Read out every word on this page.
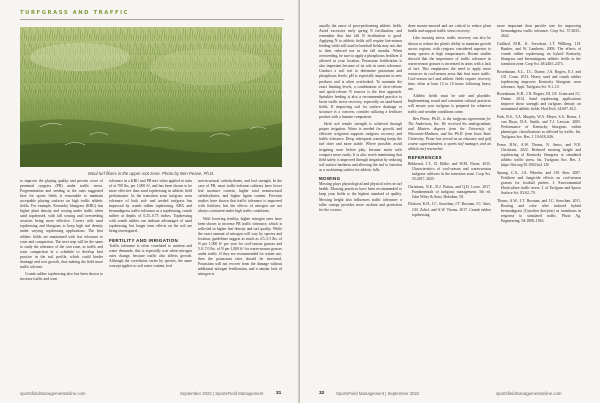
TURFGRASS AND TRAFFIC
Wool turf fibers in the upper root zone. Photo by Ben Pease, Ph.D.

to improve the playing quality and percent cover of perennial ryegrass (PR) under traffic stress. Pregermination and seeding at the rates suggested here for sports fields is reasonable to maintain acceptable playing surfaces on high traffic athletic fields. For example, Kentucky bluegrass (KBG) has higher plant density and rooting under traffic when sand topdressed, with fall sowing and overseeding sessions being more effective. Covers with sand topdressing and bluegrass to keep high turf density under varying topdressing applications. The best athletic fields are maintained with low tolerance to wear and compaction. The next step will be the same to study the tolerance of the root zone, as traffic and wear compaction in a schedule to develop best practice in the soil profile, which could hinder drainage and root growth, thus making the field more traffic tolerant.

Crumb rubber topdressing also has been shown to increase traffic and wear

tolerance in a KBG and PR mix when applied at rates of at 700 lbs. per 1,000 ft², and has been shown to be more effective than sand topdressing in athletic field performance. In the transition zone turfgrass wear tolerance of both sod- and seeded turfgrass has improved by crumb rubber topdressing. KBG and bermudagrass traffic tolerance as a topdressing, crumb rubber at depths of 0.25–0.75 inches. Topdressing with crumb rubber can indicate advantages of sand topdressing, but longer term effects on the soil are being investigated.

FERTILITY AND IRRIGATION

Traffic tolerance is often correlated to nutrient and water demands; this is especially true when nitrogen rates change, because traffic also affects growth. Although the correlation varies by species, the same concept applies to soil water content, leaf

non-structural carbohydrates, and leaf strength. In the case of PR, most traffic-tolerant cultivars have lower leaf moisture content, higher total nonstructural carbohydrates, and higher lignin content. Previous studies have shown that traffic tolerance is improved with fertilizer, but the effects of nitrogen are not always consistent under high traffic conditions.

With lowering fertility, higher nitrogen rates have been shown to increase PR traffic tolerance, which is reflected in higher leaf density and turf quality. While the exact amount of nitrogen will vary by species and location, guidelines suggest as much as 4.5–5.5 lbs. of N per 1,000 ft² per year for cool-season grasses and 5.0–7.0 lbs. of N per 1,000 ft² for warm-season grasses under traffic. If they are recommended for winter use, then the potassium rates should be increased. Potassium will not recover from the damage without additional nitrogen fertilization, and a similar lack of nitrogen is

sportsfieldmanagementonline.com	September 2022 | SportsField Management	31

usually the cause of poor-performing athletic fields. Avoid excessive early spring N fertilization, and remember that late fall N fertilization is good. Applying N to athletic fields will require late-season feeding while still used in baseball fields may not, due to their reduced use in the fall months. When overseeding, be sure to apply a phosphorus fertilizer if allowed in your location. Potassium fertilization is also important because of its role in stress tolerance. Conduct a soil test to determine potassium and phosphorus levels; pH is especially important in new products and is often overlooked. To maintain the exact limiting levels, a combination of slow-release and quick-release N sources is the best approach. Sprinkler feeding is also a recommended practice to boost traffic stress recovery, especially on sand-based fields. If improving soil for surface drainage or structure is a concern, consider utilizing a fertilizer product with a humate component.

Ideal soil tensile strength is achieved through proper irrigation. Water is needed for growth, and effective irrigation supports turfgrass recovery and traffic tolerance. Deep, infrequent watering keeps the turf drier and more stable. Where possible, avoid irrigating soon before play, because moist soils compact more easily. It is also worth mentioning that field safety is improved through irrigation by reducing soil surface hardness and allowing the turf to function as a cushioning surface for athletic falls.

MOWING

Mowing plays physiological and physical roles in turf health. Mowing practices have been recommended to keep your fields to the highest standard of quality. Mowing height also influences traffic tolerance: a taller canopy provides more cushion and protection for the crowns.

done mosaic-mowed and are critical to reduce plant health and support traffic stress recovery.

Like mowing stress, traffic recovery can also be shown to reduce the plant's ability to maintain growth across regions, with ryegrass considered superior to many species at high temperatures. Recent studies showed that the importance of traffic tolerance in warm-season grasses is increased in areas with a lack of turf. This emphasizes the need to apply more resources in cool-season areas that host more traffic. Cool-season turf and athletic fields require recovery time, often at least 12 to 16 hours following heavy use.

Athletic fields must be safe and playable. Implementing sound and consistent cultural practices will ensure your turfgrass is prepared for whatever traffic and weather conditions come.

Ben Pease, Ph.D., is the turfgrass agronomist for The Andersons, Inc. He received his undergraduate and Masters degrees from the University of Wisconsin-Madison, and his Ph.D. from Iowa State University. Pease has served as an educator and golf course superintendent, a sports turf manager, and an athletic turf researcher.

REFERENCES

Bekkerud, J.T., D. Ehlke, and W.M. Nixon. 2015. Characteristics of cool-season and warm-season turfgrass cultivars in the transition zone. Crop Sci. 55:2017–2025.

Christians, N.E., D.J. Patton, and Q.D. Lowe. 2017. Fundamentals of turfgrass management. 5th ed. John Wiley & Sons, Hoboken, NJ.

Dickson, K.H., J.C. Sorochan, J.T. Brosnan, J.C. Stier, J.M. Zobel, and A.W. Thoms. 2017. Crumb rubber topdressing

more important than particle size for improving bermudagrass traffic tolerance. Crop Sci. 57:2635–2642.

Guillard, M.B., K. Sorochan, J.T. Willberg, J.H. Bunker, and W. Lamberts. 2008. The effects of crumb rubber topdressing on hybrid Kentucky bluegrass and bermudagrass athletic fields in the transition zone. Crop Sci. 48:2465–2473.

Rosenbaum, A.L., J.C. Dunne, J.A. Rogers, E.J. and J.D. Crum. 2013. Heavy sand and crumb rubber topdressing improves Kentucky bluegrass wear tolerance. Appl. Turfgrass Sci. 8:1–10.

Rosenbaum, K.B., J.N. Rogers, III, J.E. Crum and J.C. Dunne. 2014. Sand topdressing applications improve shear strength and turfgrass density on maintained athletic fields. HortTech. 24:607–612.

Park, B.S., T.A. Murphy, W.A. Meyer, S.A. Bonos, J. van Duyn, D.A. Smith, and T.J. Lawson. 2005. Performance of Kentucky bluegrass within phenotypic classifications as affected by traffic. Int. Turfgrass Soc. Res. J. 10:618–626.

Pease, B.W., A.W. Thoms, N. Amos, and N.E. Christians. 2022. Reduced mowing height and topdressing of Kentucky bluegrass to simulated athletic traffic stress. Int. Turfgrass Soc. Res. J. https://doi.org/10.1002/its2.120

Sprang, C.A., J.A. Wheeler, and J.W. Stier. 2007. Fertilizer and fungicide effects on cool-season grasses for football pitches. J. Environmental Horticulture traffic stress. J. of Turfgrass and Sports Surface Sci. 83:62–70.

Thoms, A.W., J.T. Brosnan, and J.C. Sorochan. 2011. Rooting and color after induced hybrid bermudagrass (Cynodon dactylon) as transitions in response to simulated traffic. Photo Ag. Engineering. 94:1808–1816.

32	SportsField Management | September 2022	sportsfieldmanagementonline.com
